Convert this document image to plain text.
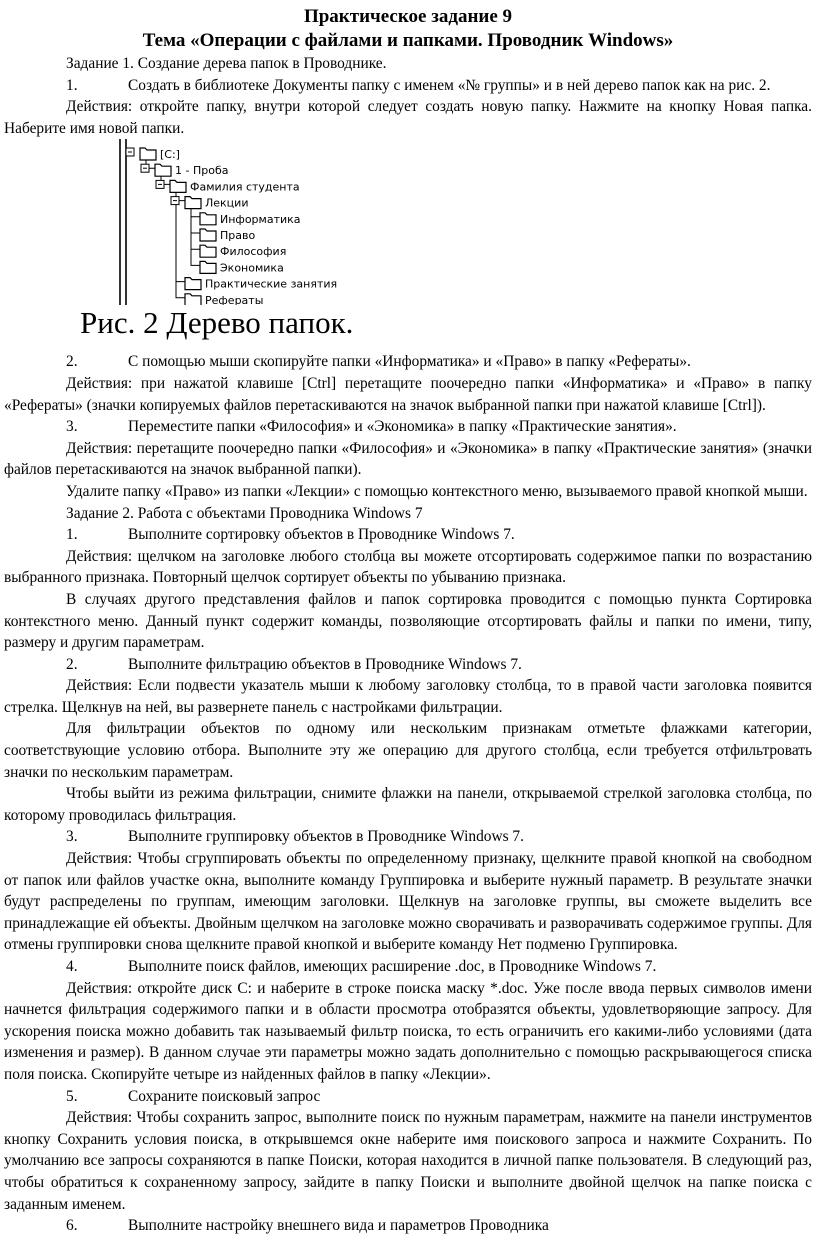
Практическое задание 9

Тема «Операции с файлами и папками. Проводник Windows»

Задание 1. Создание дерева папок в Проводнике.

1.	Создать в библиотеке Документы папку с именем «№ группы» и в ней дерево папок как на рис. 2.

Действия: откройте папку, внутри которой следует создать новую папку. Нажмите на кнопку Новая папка. Наберите имя новой папки.

[C:]
1 - Проба
Фамилия студента
Лекции
Информатика
Право
Философия
Экономика
Практические занятия
Рефераты
Рис. 2 Дерево папок.

2.	С помощью мыши скопируйте папки «Информатика» и «Право» в папку «Рефераты».

Действия: при нажатой клавише [Ctrl] перетащите поочередно папки «Информатика» и «Право» в папку «Рефераты» (значки копируемых файлов перетаскиваются на значок выбранной папки при нажатой клавише [Ctrl]).

3.	Переместите папки «Философия» и «Экономика» в папку «Практические занятия».

Действия: перетащите поочередно папки «Философия» и «Экономика» в папку «Практические занятия» (значки файлов перетаскиваются на значок выбранной папки).

Удалите папку «Право» из папки «Лекции» с помощью контекстного меню, вызываемого правой кнопкой мыши.

Задание 2. Работа с объектами Проводника Windows 7

1.	Выполните сортировку объектов в Проводнике Windows 7.

Действия: щелчком на заголовке любого столбца вы можете отсортировать содержимое папки по возрастанию выбранного признака. Повторный щелчок сортирует объекты по убыванию признака.

В случаях другого представления файлов и папок сортировка проводится с помощью пункта Сортировка контекстного меню. Данный пункт содержит команды, позволяющие отсортировать файлы и папки по имени, типу, размеру и другим параметрам.

2.	Выполните фильтрацию объектов в Проводнике Windows 7.

Действия: Если подвести указатель мыши к любому заголовку столбца, то в правой части заголовка появится стрелка. Щелкнув на ней, вы развернете панель с настройками фильтрации.

Для фильтрации объектов по одному или нескольким признакам отметьте флажками категории, соответствующие условию отбора. Выполните эту же операцию для другого столбца, если требуется отфильтровать значки по нескольким параметрам.

Чтобы выйти из режима фильтрации, снимите флажки на панели, открываемой стрелкой заголовка столбца, по которому проводилась фильтрация.

3.	Выполните группировку объектов в Проводнике Windows 7.

Действия: Чтобы сгруппировать объекты по определенному признаку, щелкните правой кнопкой на свободном от папок или файлов участке окна, выполните команду Группировка и выберите нужный параметр. В результате значки будут распределены по группам, имеющим заголовки. Щелкнув на заголовке группы, вы сможете выделить все принадлежащие ей объекты. Двойным щелчком на заголовке можно сворачивать и разворачивать содержимое группы. Для отмены группировки снова щелкните правой кнопкой и выберите команду Нет подменю Группировка.

4.	Выполните поиск файлов, имеющих расширение .doc, в Проводнике Windows 7.

Действия: откройте диск С: и наберите в строке поиска маску *.doc. Уже после ввода первых символов имени начнется фильтрация содержимого папки и в области просмотра отобразятся объекты, удовлетворяющие запросу. Для ускорения поиска можно добавить так называемый фильтр поиска, то есть ограничить его какими-либо условиями (дата изменения и размер). В данном случае эти параметры можно задать дополнительно с помощью раскрывающегося списка поля поиска. Скопируйте четыре из найденных файлов в папку «Лекции».

5.	Сохраните поисковый запрос

Действия: Чтобы сохранить запрос, выполните поиск по нужным параметрам, нажмите на панели инструментов кнопку Сохранить условия поиска, в открывшемся окне наберите имя поискового запроса и нажмите Сохранить. По умолчанию все запросы сохраняются в папке Поиски, которая находится в личной папке пользователя. В следующий раз, чтобы обратиться к сохраненному запросу, зайдите в папку Поиски и выполните двойной щелчок на папке поиска с заданным именем.

6.	Выполните настройку внешнего вида и параметров Проводника
